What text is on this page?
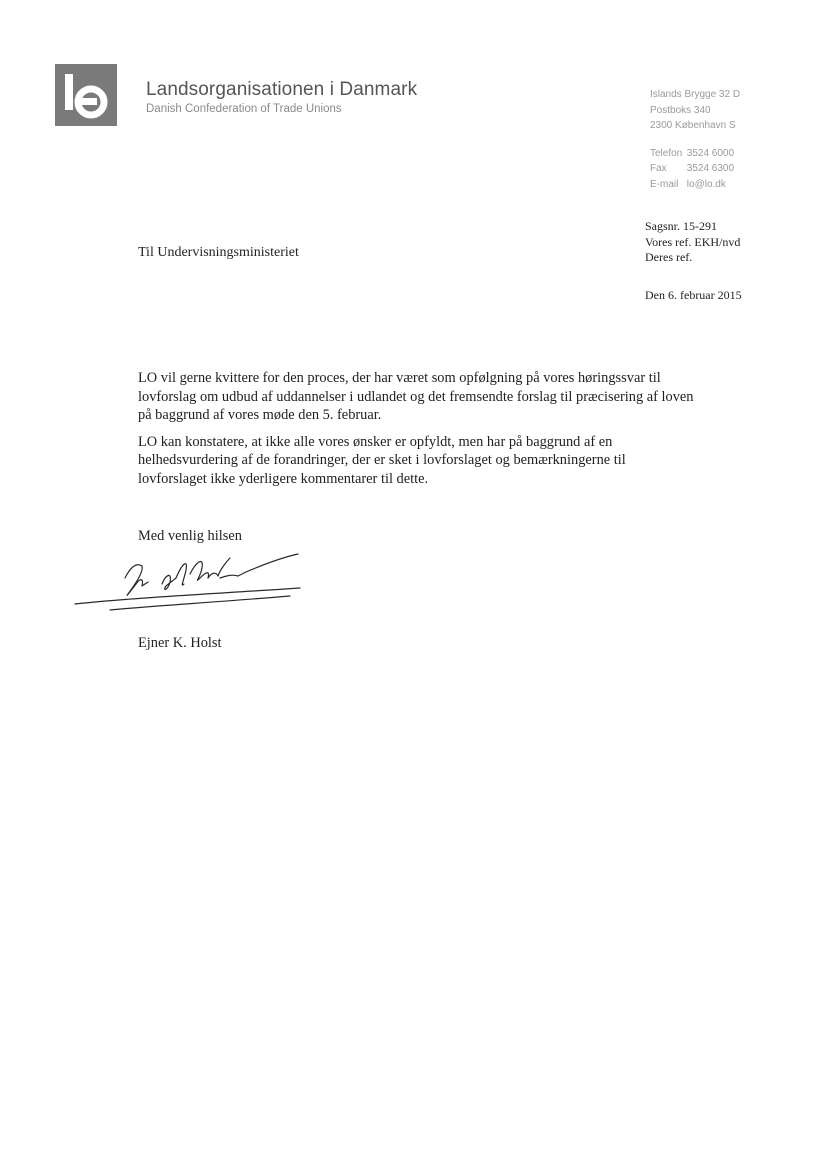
Landsorganisationen i Danmark
Danish Confederation of Trade Unions
Islands Brygge 32 D
Postboks 340
2300 København S
Telefon 3524 6000
Fax 3524 6300
E-mail lo@lo.dk
Sagsnr. 15-291
Vores ref. EKH/nvd
Deres ref.
Den 6. februar 2015
Til Undervisningsministeriet

LO vil gerne kvittere for den proces, der har været som opfølgning på vores høringssvar til lovforslag om udbud af uddannelser i udlandet og det fremsendte forslag til præcisering af loven på baggrund af vores møde den 5. februar.

LO kan konstatere, at ikke alle vores ønsker er opfyldt, men har på baggrund af en helhedsvurdering af de forandringer, der er sket i lovforslaget og bemærkningerne til lovforslaget ikke yderligere kommentarer til dette.

Med venlig hilsen
Ejner K. Holst
